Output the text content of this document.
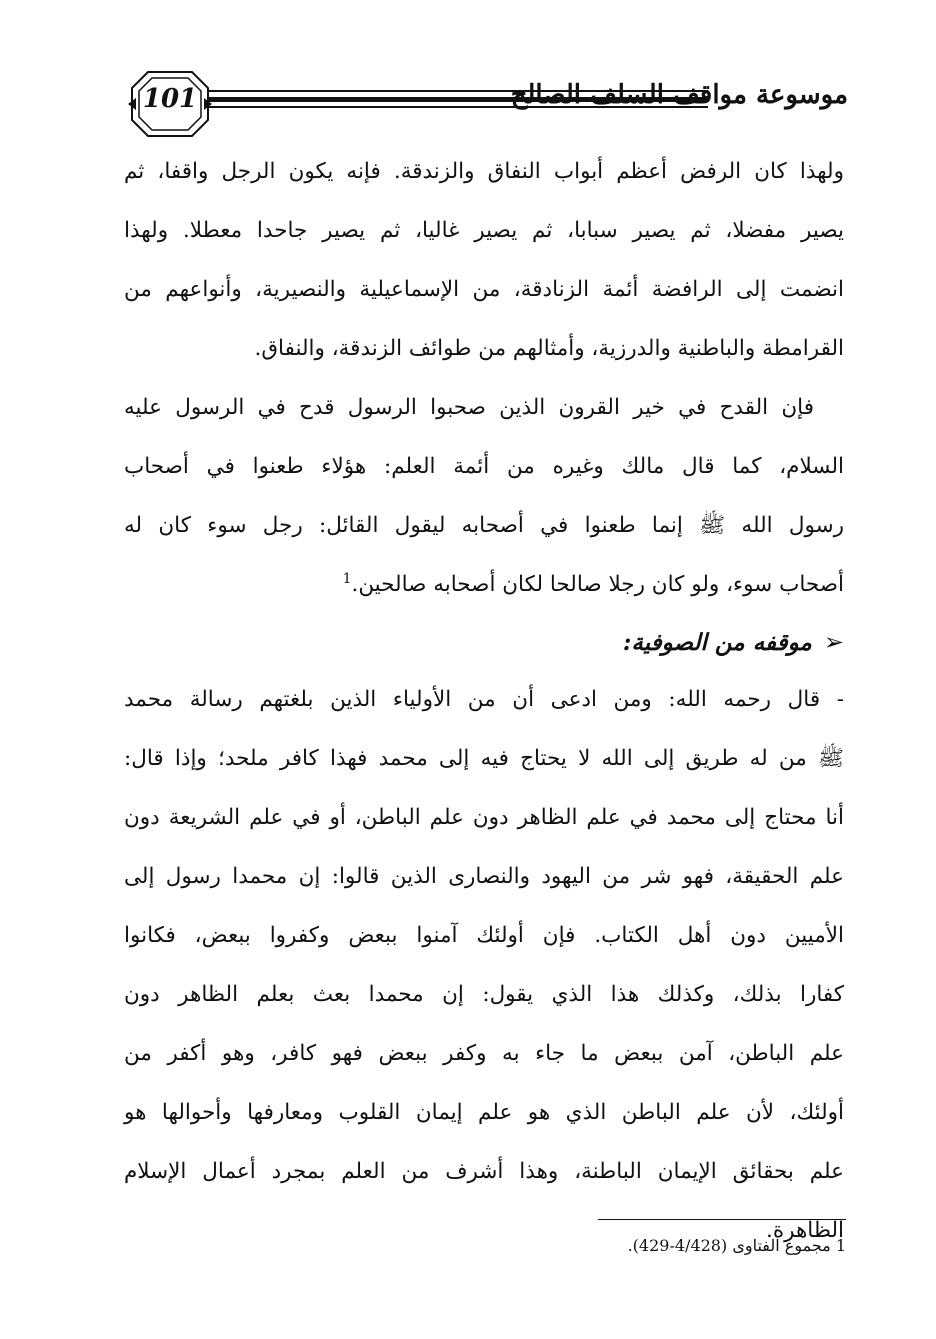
101	موسوعة مواقف السلف الصالح
ولهذا كان الرفض أعظم أبواب النفاق والزندقة. فإنه يكون الرجل واقفا، ثم
يصير مفضلا، ثم يصير سبابا، ثم يصير غاليا، ثم يصير جاحدا معطلا. ولهذا
انضمت إلى الرافضة أئمة الزنادقة، من الإسماعيلية والنصيرية، وأنواعهم من
القرامطة والباطنية والدرزية، وأمثالهم من طوائف الزندقة، والنفاق.
فإن القدح في خير القرون الذين صحبوا الرسول قدح في الرسول عليه
السلام، كما قال مالك وغيره من أئمة العلم: هؤلاء طعنوا في أصحاب
رسول الله ﷺ إنما طعنوا في أصحابه ليقول القائل: رجل سوء كان له
أصحاب سوء، ولو كان رجلا صالحا لكان أصحابه صالحين.$^1$
➢موقفه من الصوفية:
- قال رحمه الله: ومن ادعى أن من الأولياء الذين بلغتهم رسالة محمد
ﷺ من له طريق إلى الله لا يحتاج فيه إلى محمد فهذا كافر ملحد؛ وإذا قال:
أنا محتاج إلى محمد في علم الظاهر دون علم الباطن، أو في علم الشريعة دون
علم الحقيقة، فهو شر من اليهود والنصارى الذين قالوا: إن محمدا رسول إلى
الأميين دون أهل الكتاب. فإن أولئك آمنوا ببعض وكفروا ببعض، فكانوا
كفارا بذلك، وكذلك هذا الذي يقول: إن محمدا بعث بعلم الظاهر دون
علم الباطن، آمن ببعض ما جاء به وكفر ببعض فهو كافر، وهو أكفر من
أولئك، لأن علم الباطن الذي هو علم إيمان القلوب ومعارفها وأحوالها هو
علم بحقائق الإيمان الباطنة، وهذا أشرف من العلم بمجرد أعمال الإسلام
الظاهرة.
1 مجموع الفتاوى (4/428-429).
